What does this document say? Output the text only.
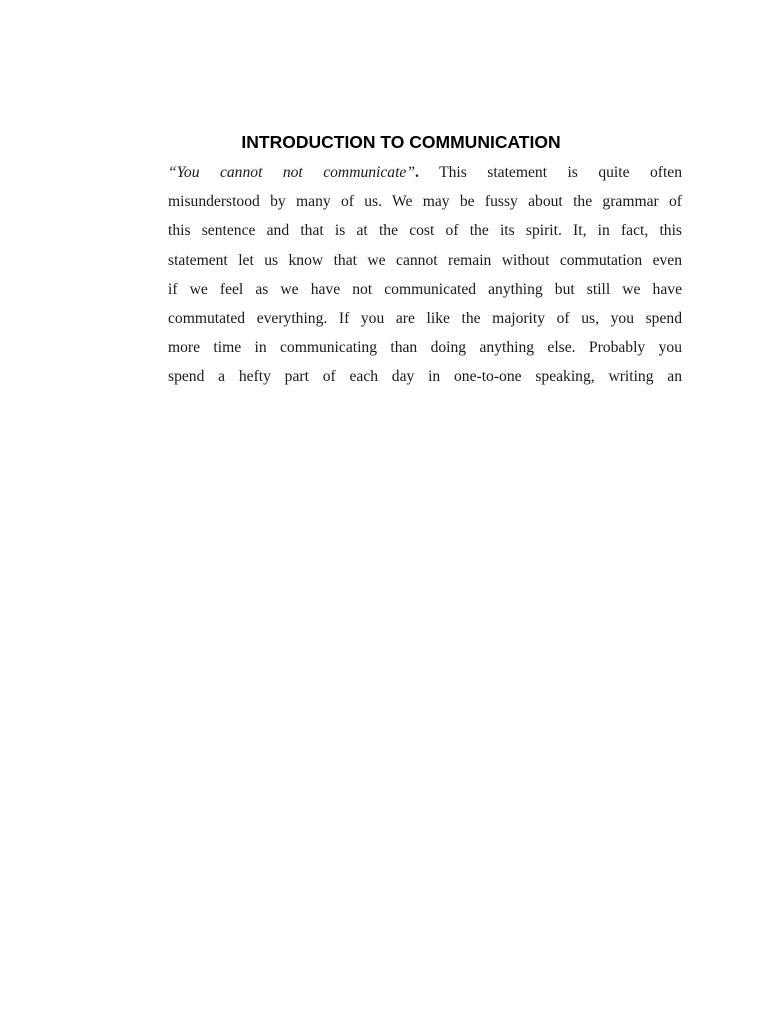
INTRODUCTION TO COMMUNICATION
“You cannot not communicate”. This statement is quite often
misunderstood by many of us. We may be fussy about the grammar of
this sentence and that is at the cost of the its spirit. It, in fact, this
statement let us know that we cannot remain without commutation even
if we feel as we have not communicated anything but still we have
commutated everything. If you are like the majority of us, you spend
more time in communicating than doing anything else. Probably you
spend a hefty part of each day in one-to-one speaking, writing an
